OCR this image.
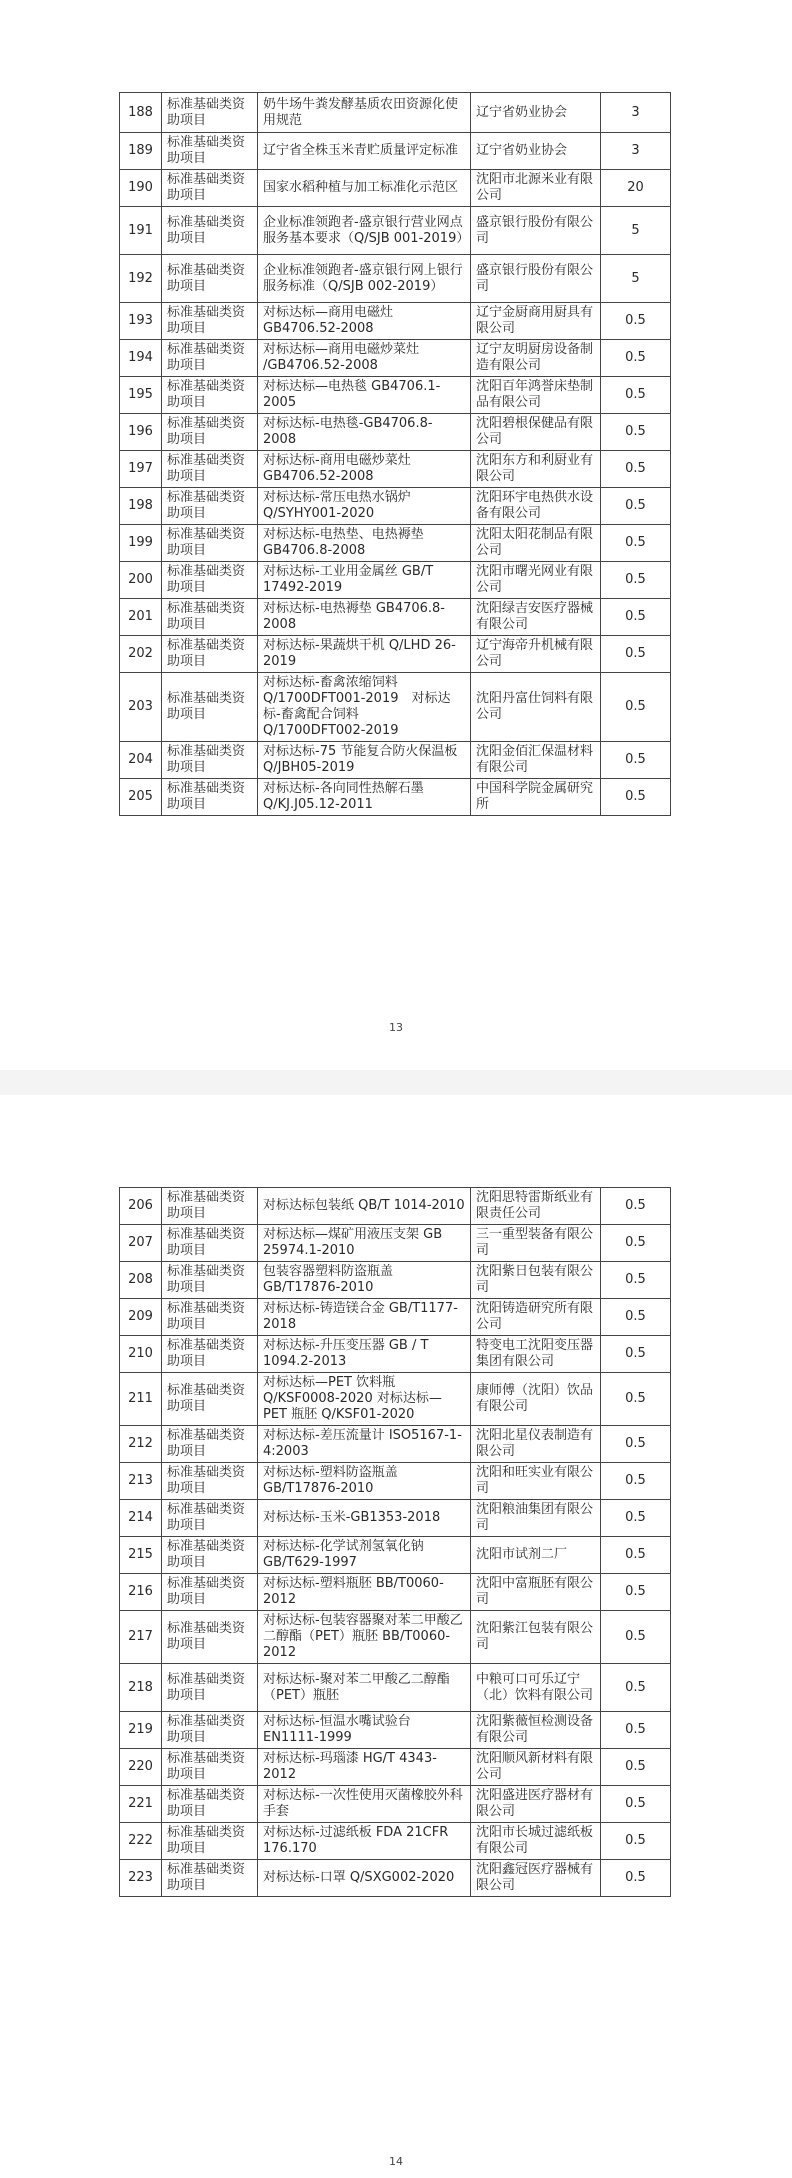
188	标准基础类资助项目	奶牛场牛粪发酵基质农田资源化使用规范	辽宁省奶业协会	3
189	标准基础类资助项目	辽宁省全株玉米青贮质量评定标准	辽宁省奶业协会	3
190	标准基础类资助项目	国家水稻种植与加工标准化示范区	沈阳市北源米业有限公司	20
191	标准基础类资助项目	企业标准领跑者-盛京银行营业网点服务基本要求（Q/SJB 001-2019）	盛京银行股份有限公司	5
192	标准基础类资助项目	企业标准领跑者-盛京银行网上银行服务标准（Q/SJB 002-2019）	盛京银行股份有限公司	5
193	标准基础类资助项目	对标达标—商用电磁灶 GB4706.52-2008	辽宁金厨商用厨具有限公司	0.5
194	标准基础类资助项目	对标达标—商用电磁炒菜灶 /GB4706.52-2008	辽宁友明厨房设备制造有限公司	0.5
195	标准基础类资助项目	对标达标—电热毯 GB4706.1-2005	沈阳百年鸿誉床垫制品有限公司	0.5
196	标准基础类资助项目	对标达标-电热毯-GB4706.8-2008	沈阳碧根保健品有限公司	0.5
197	标准基础类资助项目	对标达标-商用电磁炒菜灶 GB4706.52-2008	沈阳东方和利厨业有限公司	0.5
198	标准基础类资助项目	对标达标-常压电热水锅炉 Q/SYHY001-2020	沈阳环宇电热供水设备有限公司	0.5
199	标准基础类资助项目	对标达标-电热垫、电热褥垫 GB4706.8-2008	沈阳太阳花制品有限公司	0.5
200	标准基础类资助项目	对标达标-工业用金属丝 GB/T 17492-2019	沈阳市曙光网业有限公司	0.5
201	标准基础类资助项目	对标达标-电热褥垫 GB4706.8-2008	沈阳绿吉安医疗器械有限公司	0.5
202	标准基础类资助项目	对标达标-果蔬烘干机 Q/LHD 26-2019	辽宁海帝升机械有限公司	0.5
203	标准基础类资助项目	对标达标-畜禽浓缩饲料 Q/1700DFT001-2019　对标达标-畜禽配合饲料 Q/1700DFT002-2019	沈阳丹富仕饲料有限公司	0.5
204	标准基础类资助项目	对标达标-75 节能复合防火保温板 Q/JBH05-2019	沈阳金佰汇保温材料有限公司	0.5
205	标准基础类资助项目	对标达标-各向同性热解石墨 Q/KJ.J05.12-2011	中国科学院金属研究所	0.5
13
206	标准基础类资助项目	对标达标包装纸 QB/T 1014-2010	沈阳思特雷斯纸业有限责任公司	0.5
207	标准基础类资助项目	对标达标—煤矿用液压支架 GB 25974.1-2010	三一重型装备有限公司	0.5
208	标准基础类资助项目	包装容器塑料防盗瓶盖 GB/T17876-2010	沈阳紫日包装有限公司	0.5
209	标准基础类资助项目	对标达标-铸造镁合金 GB/T1177-2018	沈阳铸造研究所有限公司	0.5
210	标准基础类资助项目	对标达标-升压变压器 GB / T 1094.2-2013	特变电工沈阳变压器集团有限公司	0.5
211	标准基础类资助项目	对标达标—PET 饮料瓶 Q/KSF0008-2020 对标达标—PET 瓶胚 Q/KSF01-2020	康师傅（沈阳）饮品有限公司	0.5
212	标准基础类资助项目	对标达标-差压流量计 ISO5167-1-4:2003	沈阳北星仪表制造有限公司	0.5
213	标准基础类资助项目	对标达标-塑料防盗瓶盖 GB/T17876-2010	沈阳和旺实业有限公司	0.5
214	标准基础类资助项目	对标达标-玉米-GB1353-2018	沈阳粮油集团有限公司	0.5
215	标准基础类资助项目	对标达标-化学试剂氢氧化钠 GB/T629-1997	沈阳市试剂二厂	0.5
216	标准基础类资助项目	对标达标-塑料瓶胚 BB/T0060-2012	沈阳中富瓶胚有限公司	0.5
217	标准基础类资助项目	对标达标-包装容器聚对苯二甲酸乙二醇酯（PET）瓶胚 BB/T0060-2012	沈阳紫江包装有限公司	0.5
218	标准基础类资助项目	对标达标-聚对苯二甲酸乙二醇酯（PET）瓶胚	中粮可口可乐辽宁（北）饮料有限公司	0.5
219	标准基础类资助项目	对标达标-恒温水嘴试验台 EN1111-1999	沈阳紫薇恒检测设备有限公司	0.5
220	标准基础类资助项目	对标达标-玛瑙漆 HG/T 4343-2012	沈阳顺风新材料有限公司	0.5
221	标准基础类资助项目	对标达标-一次性使用灭菌橡胶外科手套	沈阳盛进医疗器材有限公司	0.5
222	标准基础类资助项目	对标达标-过滤纸板 FDA 21CFR 176.170	沈阳市长城过滤纸板有限公司	0.5
223	标准基础类资助项目	对标达标-口罩 Q/SXG002-2020	沈阳鑫冠医疗器械有限公司	0.5
14
